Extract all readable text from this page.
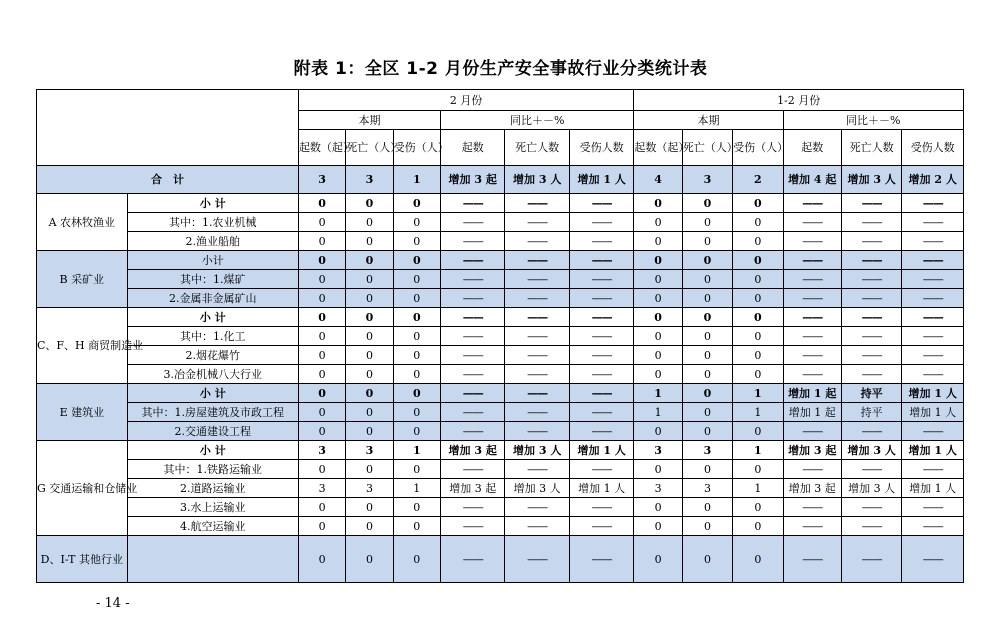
附表 1：全区 1-2 月份生产安全事故行业分类统计表
		2 月份						1-2 月份					
		本期			同比＋－%			本期			同比＋－%		
		起数（起）	死亡（人）	受伤（人）	起数	死亡人数	受伤人数	起数（起）	死亡（人）	受伤（人）	起数	死亡人数	受伤人数
合　计		3	3	1	增加 3 起	增加 3 人	增加 1 人	4	3	2	增加 4 起	增加 3 人	增加 2 人
A 农林牧渔业	小 计	0	0	0	——	——	——	0	0	0	——	——	——
	其中：1.农业机械	0	0	0	——	——	——	0	0	0	——	——	——
	2.渔业船舶	0	0	0	——	——	——	0	0	0	——	——	——
B 采矿业	小计	0	0	0	——	——	——	0	0	0	——	——	——
	其中：1.煤矿	0	0	0	——	——	——	0	0	0	——	——	——
	2.金属非金属矿山	0	0	0	——	——	——	0	0	0	——	——	——
C、F、H 商贸制造业	小 计	0	0	0	——	——	——	0	0	0	——	——	——
	其中：1.化工	0	0	0	——	——	——	0	0	0	——	——	——
	2.烟花爆竹	0	0	0	——	——	——	0	0	0	——	——	——
	3.冶金机械八大行业	0	0	0	——	——	——	0	0	0	——	——	——
E 建筑业	小 计	0	0	0	——	——	——	1	0	1	增加 1 起	持平	增加 1 人
	其中：1.房屋建筑及市政工程	0	0	0	——	——	——	1	0	1	增加 1 起	持平	增加 1 人
	2.交通建设工程	0	0	0	——	——	——	0	0	0	——	——	——
G 交通运输和仓储业	小 计	3	3	1	增加 3 起	增加 3 人	增加 1 人	3	3	1	增加 3 起	增加 3 人	增加 1 人
	其中：1.铁路运输业	0	0	0	——	——	——	0	0	0	——	——	——
	2.道路运输业	3	3	1	增加 3 起	增加 3 人	增加 1 人	3	3	1	增加 3 起	增加 3 人	增加 1 人
	3.水上运输业	0	0	0	——	——	——	0	0	0	——	——	——
	4.航空运输业	0	0	0	——	——	——	0	0	0	——	——	——
D、I-T 其他行业		0	0	0	——	——	——	0	0	0	——	——	——
- 14 -
